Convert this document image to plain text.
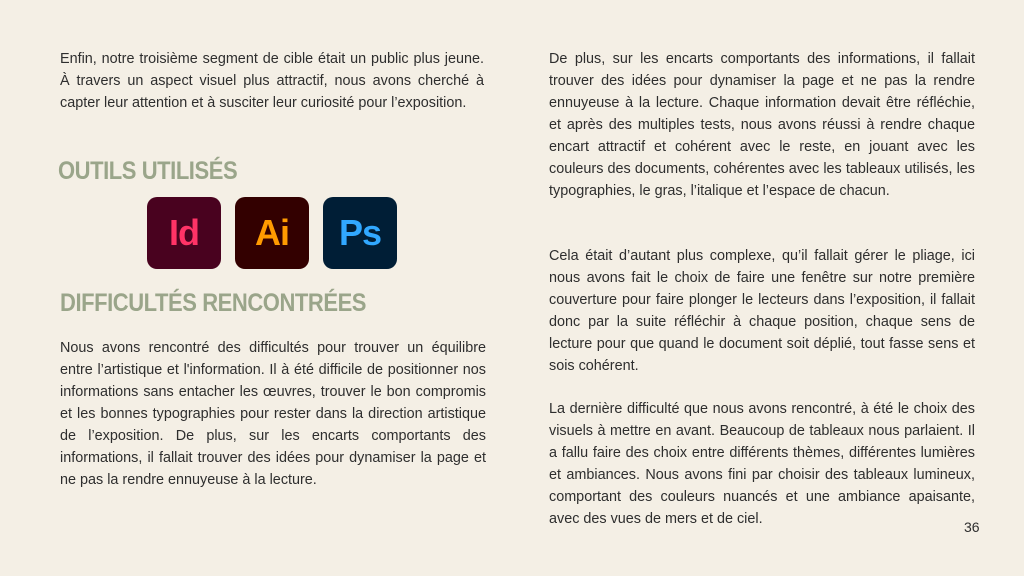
Enfin, notre troisième segment de cible était un public plus jeune. À travers un aspect visuel plus attractif, nous avons cherché à capter leur attention et à susciter leur curiosité pour l’exposition.

OUTILS UTILISÉS
Id Ai Ps
DIFFICULTÉS RENCONTRÉES

Nous avons rencontré des difficultés pour trouver un équilibre entre l’artistique et l'information. Il à été difficile de positionner nos informations sans entacher les œuvres, trouver le bon compromis et les bonnes typographies pour rester dans la direction artistique de l’exposition. De plus, sur les encarts comportants des informations, il fallait trouver des idées pour dynamiser la page et ne pas la rendre ennuyeuse à la lecture.

De plus, sur les encarts comportants des informations, il fallait trouver des idées pour dynamiser la page et ne pas la rendre ennuyeuse à la lecture. Chaque information devait être réfléchie, et après des multiples tests, nous avons réussi à rendre chaque encart attractif et cohérent avec le reste, en jouant avec les couleurs des documents, cohérentes avec les tableaux utilisés, les typographies, le gras, l’italique et l’espace de chacun.

Cela était d’autant plus complexe, qu’il fallait gérer le pliage, ici nous avons fait le choix de faire une fenêtre sur notre première couverture pour faire plonger le lecteurs dans l’exposition, il fallait donc par la suite réfléchir à chaque position, chaque sens de lecture pour que quand le document soit déplié, tout fasse sens et sois cohérent.

La dernière difficulté que nous avons rencontré, à été le choix des visuels à mettre en avant. Beaucoup de tableaux nous parlaient. Il a fallu faire des choix entre différents thèmes, différentes lumières et ambiances. Nous avons fini par choisir des tableaux lumineux, comportant des couleurs nuancés et une ambiance apaisante, avec des vues de mers et de ciel.	36
